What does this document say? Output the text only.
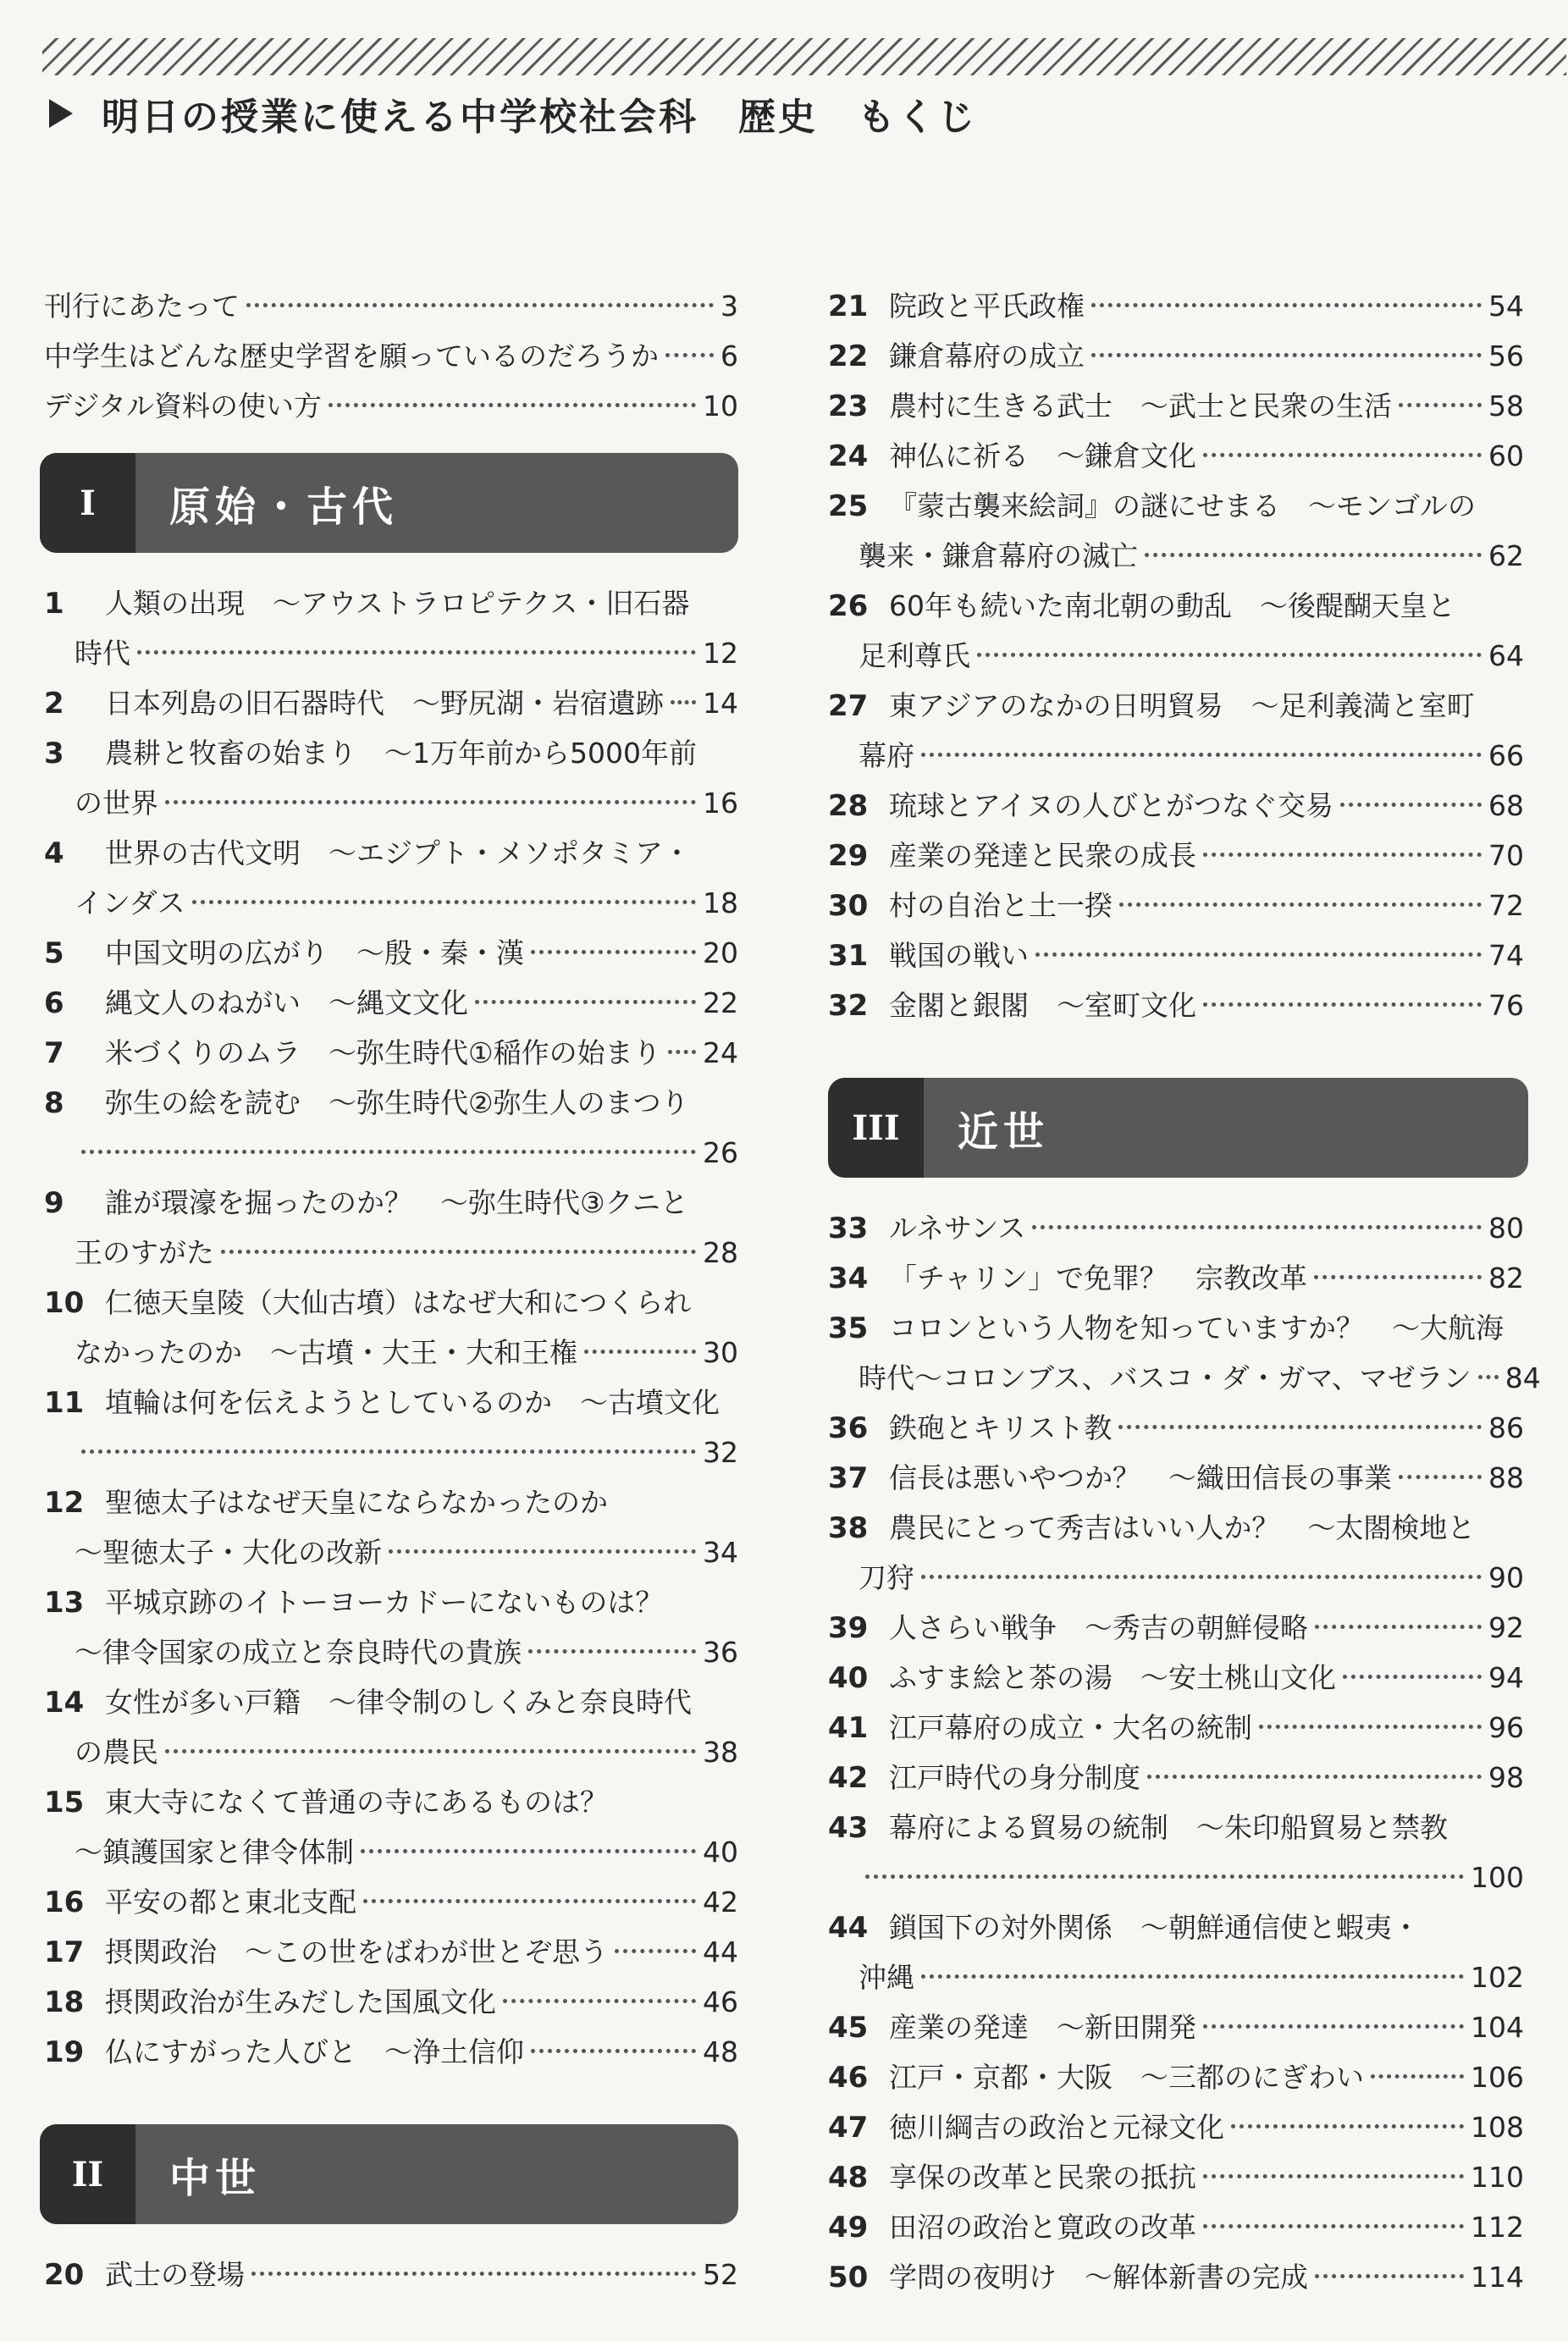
明日の授業に使える中学校社会科　歴史　もくじ
刊行にあたって	3
中学生はどんな歴史学習を願っているのだろうか 6
デジタル資料の使い方	10
I	原始・古代
1	人類の出現　～アウストラロピテクス・旧石器
時代	12
2	日本列島の旧石器時代　～野尻湖・岩宿遺跡 14
3	農耕と牧畜の始まり　～1万年前から5000年前
の世界	16
4	世界の古代文明　～エジプト・メソポタミア・
インダス	18
5	中国文明の広がり　～殷・秦・漢	20
6	縄文人のねがい　～縄文文化	22
7	米づくりのムラ　～弥生時代①稲作の始まり 24
8	弥生の絵を読む　～弥生時代②弥生人のまつり
26
9	誰が環濠を掘ったのか？　～弥生時代③クニと
王のすがた	28
10 仁徳天皇陵（大仙古墳）はなぜ大和につくられ
なかったのか　～古墳・大王・大和王権	30
11 埴輪は何を伝えようとしているのか　～古墳文化
32
12 聖徳太子はなぜ天皇にならなかったのか
～聖徳太子・大化の改新	34
13 平城京跡のイトーヨーカドーにないものは？
～律令国家の成立と奈良時代の貴族	36
14 女性が多い戸籍　～律令制のしくみと奈良時代
の農民	38
15 東大寺になくて普通の寺にあるものは？
～鎮護国家と律令体制	40
16 平安の都と東北支配	42
17 摂関政治　～この世をばわが世とぞ思う	44
18 摂関政治が生みだした国風文化	46
19 仏にすがった人びと　～浄土信仰	48
II	中世
20 武士の登場	52
21 院政と平氏政権	54
22 鎌倉幕府の成立	56
23 農村に生きる武士　～武士と民衆の生活	58
24 神仏に祈る　～鎌倉文化	60
25 『蒙古襲来絵詞』の謎にせまる　～モンゴルの
襲来・鎌倉幕府の滅亡	62
26 60年も続いた南北朝の動乱　～後醍醐天皇と
足利尊氏	64
27 東アジアのなかの日明貿易　～足利義満と室町
幕府	66
28 琉球とアイヌの人びとがつなぐ交易	68
29 産業の発達と民衆の成長	70
30 村の自治と土一揆	72
31 戦国の戦い	74
32 金閣と銀閣　～室町文化	76
III	近世
33 ルネサンス	80
34 「チャリン」で免罪？　宗教改革	82
35 コロンという人物を知っていますか？　～大航海
時代～コロンブス、バスコ・ダ・ガマ、マゼラン 84
36 鉄砲とキリスト教	86
37 信長は悪いやつか？　～織田信長の事業	88
38 農民にとって秀吉はいい人か？　～太閤検地と
刀狩	90
39 人さらい戦争　～秀吉の朝鮮侵略	92
40 ふすま絵と茶の湯　～安土桃山文化	94
41 江戸幕府の成立・大名の統制	96
42 江戸時代の身分制度	98
43 幕府による貿易の統制　～朱印船貿易と禁教
100
44 鎖国下の対外関係　～朝鮮通信使と蝦夷・
沖縄	102
45 産業の発達　～新田開発	104
46 江戸・京都・大阪　～三都のにぎわい	106
47 徳川綱吉の政治と元禄文化	108
48 享保の改革と民衆の抵抗	110
49 田沼の政治と寛政の改革	112
50 学問の夜明け　～解体新書の完成	114
